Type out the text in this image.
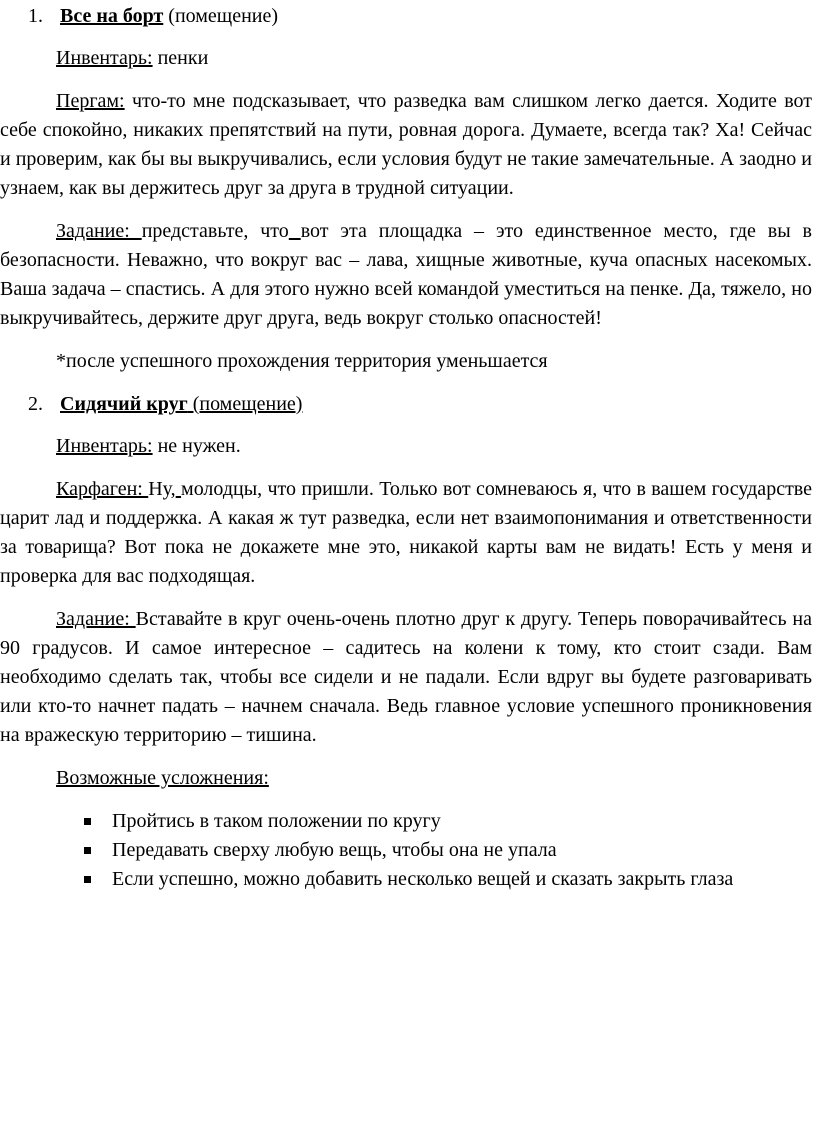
1. Все на борт (помещение)

Инвентарь: пенки

Пергам: что-то мне подсказывает, что разведка вам слишком легко дается. Ходите вот себе спокойно, никаких препятствий на пути, ровная дорога. Думаете, всегда так? Ха! Сейчас и проверим, как бы вы выкручивались, если условия будут не такие замечательные. А заодно и узнаем, как вы держитесь друг за друга в трудной ситуации.

Задание: представьте, что вот эта площадка – это единственное место, где вы в безопасности. Неважно, что вокруг вас – лава, хищные животные, куча опасных насекомых. Ваша задача – спастись. А для этого нужно всей командой уместиться на пенке. Да, тяжело, но выкручивайтесь, держите друг друга, ведь вокруг столько опасностей!

*после успешного прохождения территория уменьшается

2. Сидячий круг (помещение)

Инвентарь: не нужен.

Карфаген: Ну, молодцы, что пришли. Только вот сомневаюсь я, что в вашем государстве царит лад и поддержка. А какая ж тут разведка, если нет взаимопонимания и ответственности за товарища? Вот пока не докажете мне это, никакой карты вам не видать! Есть у меня и проверка для вас подходящая.

Задание: Вставайте в круг очень-очень плотно друг к другу. Теперь поворачивайтесь на 90 градусов. И самое интересное – садитесь на колени к тому, кто стоит сзади. Вам необходимо сделать так, чтобы все сидели и не падали. Если вдруг вы будете разговаривать или кто-то начнет падать – начнем сначала. Ведь главное условие успешного проникновения на вражескую территорию – тишина.

Возможные усложнения:

Пройтись в таком положении по кругу
Передавать сверху любую вещь, чтобы она не упала
Если успешно, можно добавить несколько вещей и сказать закрыть глаза
